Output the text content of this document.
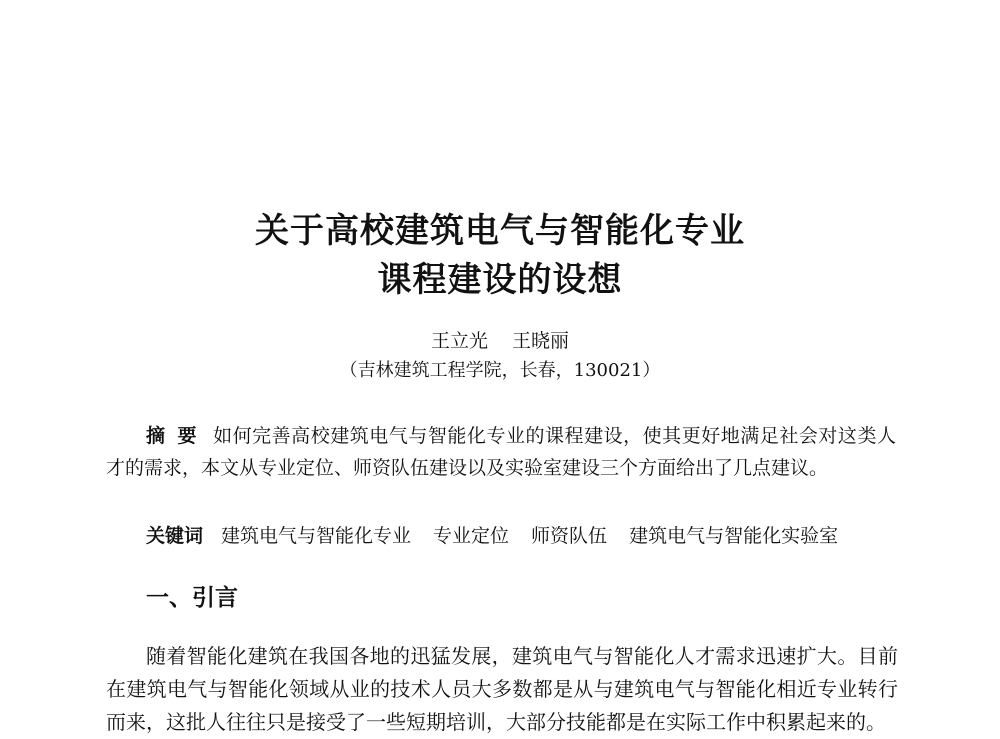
关于高校建筑电气与智能化专业
课程建设的设想

王立光 王晓丽

（吉林建筑工程学院，长春，130021）

摘要 如何完善高校建筑电气与智能化专业的课程建设，使其更好地满足社会对这类人才的需求，本文从专业定位、师资队伍建设以及实验室建设三个方面给出了几点建议。

关键词 建筑电气与智能化专业 专业定位 师资队伍 建筑电气与智能化实验室

一、引言

随着智能化建筑在我国各地的迅猛发展，建筑电气与智能化人才需求迅速扩大。目前在建筑电气与智能化领域从业的技术人员大多数都是从与建筑电气与智能化相近专业转行而来，这批人往往只是接受了一些短期培训，大部分技能都是在实际工作中积累起来的。
